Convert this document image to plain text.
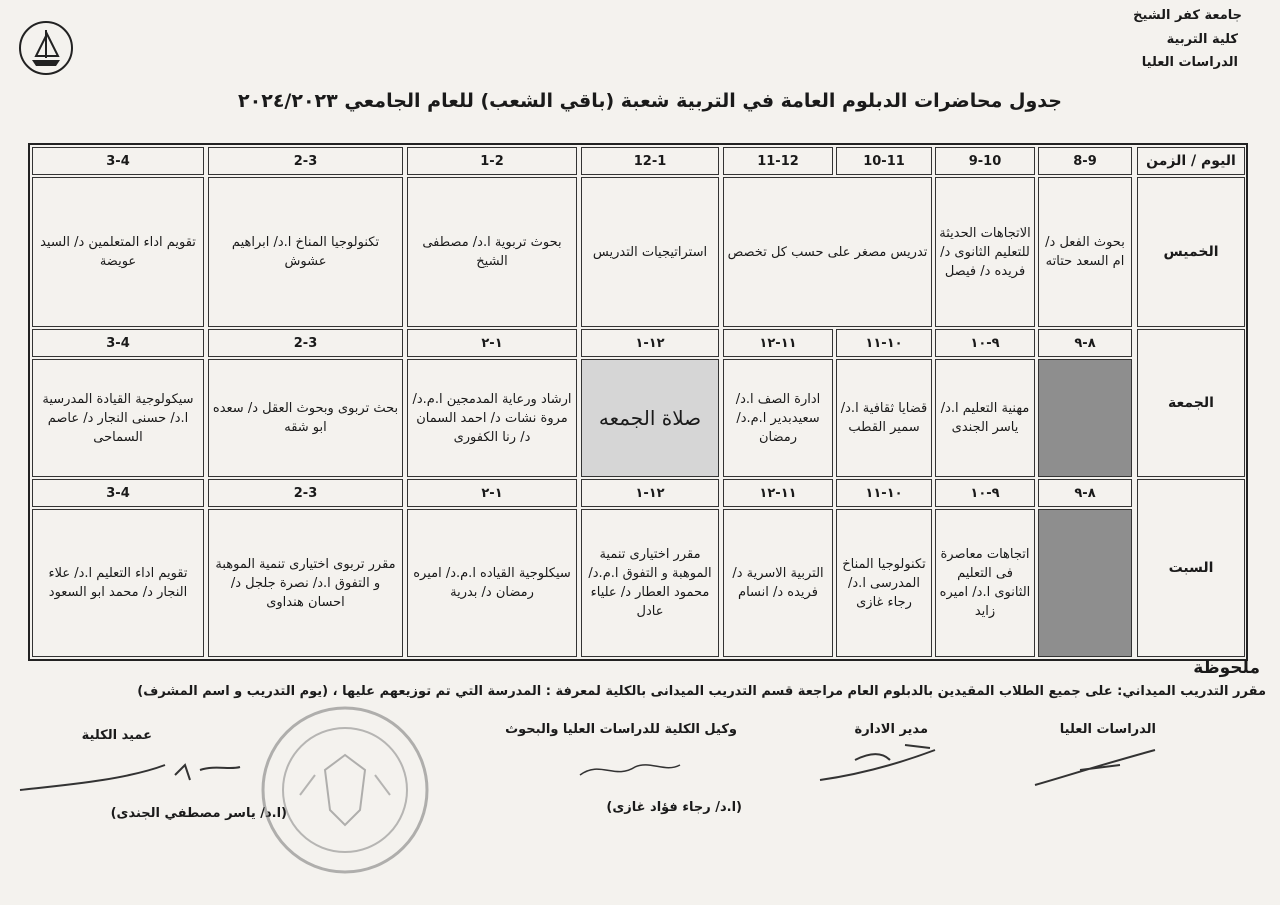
جامعة كفر الشيخ
كلية التربية
الدراسات العليا
جدول محاضرات الدبلوم العامة في التربية شعبة (باقي الشعب) للعام الجامعي ٢٠٢٤/٢٠٢٣
اليوم / الزمن
8-9
9-10
10-11
11-12
12-1
1-2
2-3
3-4
الخميس
بحوث الفعل د/ ام السعد حتاته
الاتجاهات الحديثة للتعليم الثانوى د/ فريده د/ فيصل
تدريس مصغر على حسب كل تخصص
استراتيجيات التدريس
بحوث تربوية ا.د/ مصطفى الشيخ
تكنولوجيا المناخ ا.د/ ابراهيم عشوش
تقويم اداء المتعلمين د/ السيد عويضة
الجمعة
٨-٩
٩-١٠
مهنية التعليم ا.د/ ياسر الجندى
١٠-١١
قضايا ثقافية ا.د/ سمير القطب
١١-١٢
ادارة الصف ا.د/ سعيدبدير ا.م.د/ رمضان
١٢-١
صلاة الجمعه
١-٢
ارشاد ورعاية المدمجين ا.م.د/ مروة نشات د/ احمد السمان د/ رنا الكفورى
2-3
بحث تربوى وبحوث العقل د/ سعده ابو شقه
3-4
سيكولوجية القيادة المدرسية ا.د/ حسنى النجار د/ عاصم السماحى
السبت
٨-٩
٩-١٠
اتجاهات معاصرة فى التعليم الثانوى ا.د/ اميره زايد
١٠-١١
تكنولوجيا المناخ المدرسى ا.د/ رجاء غازى
١١-١٢
التربية الاسرية د/ فريده د/ انسام
١٢-١
مقرر اختيارى تنمية الموهبة و التفوق ا.م.د/ محمود العطار د/ علياء عادل
١-٢
سيكلوجية القياده ا.م.د/ اميره رمضان د/ بدرية
2-3
مقرر تربوى اختيارى تنمية الموهبة و التفوق ا.د/ نصرة جلجل د/ احسان هنداوى
3-4
تقويم اداء التعليم ا.د/ علاء النجار د/ محمد ابو السعود
ملحوظة
مقرر التدريب الميداني: على جميع الطلاب المقيدين بالدبلوم العام مراجعة قسم التدريب الميدانى بالكلية لمعرفة : المدرسة التي تم توزيعهم عليها ، (يوم التدريب و اسم المشرف)
الدراسات العليا
مدير الادارة
وكيل الكلية للدراسات العليا والبحوث
(ا.د/ رجاء فؤاد غازى)
عميد الكلية
(ا.د/ ياسر مصطفي الجندى)
